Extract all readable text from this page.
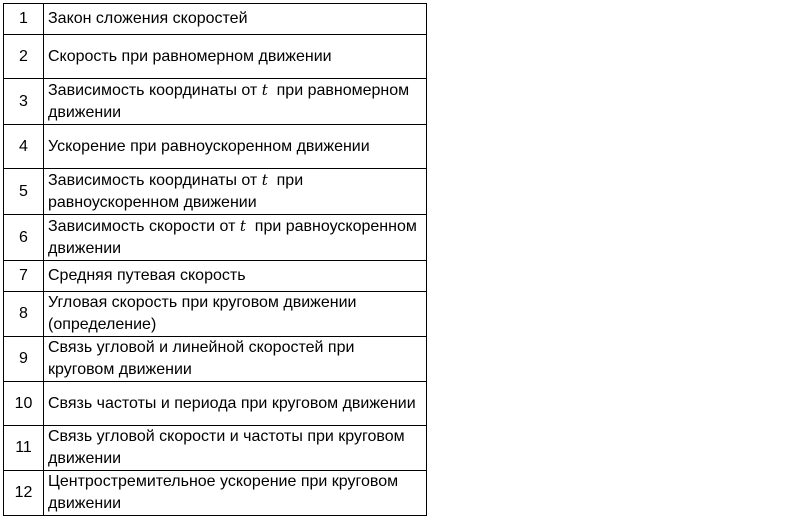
1	Закон сложения скоростей
2	Скорость при равномерном движении
3	Зависимость координаты от t  при равномерном движении
4	Ускорение при равноускоренном движении
5	Зависимость координаты от t  при равноускоренном движении
6	Зависимость скорости от t  при равноускоренном движении
7	Средняя путевая скорость
8	Угловая скорость при круговом движении (определение)
9	Связь угловой и линейной скоростей при круговом движении
10	Связь частоты и периода при круговом движении
11	Связь угловой скорости и частоты при круговом движении
12	Центростремительное ускорение при круговом движении
